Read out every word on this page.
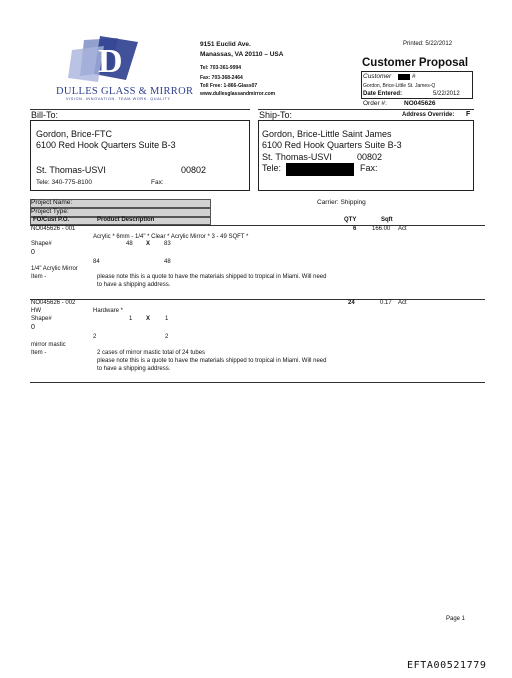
D
DULLES GLASS & MIRROR
VISION. INNOVATION. TEAM WORK. QUALITY
9151 Euclid Ave.
Manassas, VA 20110 – USA
Tel: 703-361-9994
Fax: 703-368-2464
Toll Free: 1-866-Glass07
www.dullesglassandmirror.com
Printed: 5/22/2012
Customer Proposal
Customer	#
Gordon, Brice-Little St. James-Q
Date Entered:	5/22/2012
Order #:	NO045626
Bill-To:	Ship-To:	Address Override: F
Gordon, Brice-FTC
6100 Red Hook Quarters Suite B-3
St. Thomas-USVI	00802
Tele: 340-775-8100	Fax:
Gordon, Brice-Little Saint James
6100 Red Hook Quarters Suite B-3
St. Thomas-USVI	00802
Tele:	Fax:
Project Name:
Project Type:
Carrier: Shipping
FO/Cust P.O.	Product Description	QTY	Sqft
NO045626 - 001	6	166.00 Act
Acrylic * 6mm - 1/4" * Clear * Acrylic Mirror * 3 - 49 SQFT *
Shape#	48 X 83
0
84	48
1/4" Acrylic Mirror
Item -	please note this is a quote to have the materials shipped to tropical in Miami. Will need
to have a shipping address.
NO045626 - 002	24	0.17 Act
HW	Hardware *
Shape#	1 X 1
0
2	2
mirror mastic
Item -	2 cases of mirror mastic total of 24 tubes
please note this is a quote to have the materials shipped to tropical in Miami. Will need
to have a shipping address.
Page 1
EFTA00521779
